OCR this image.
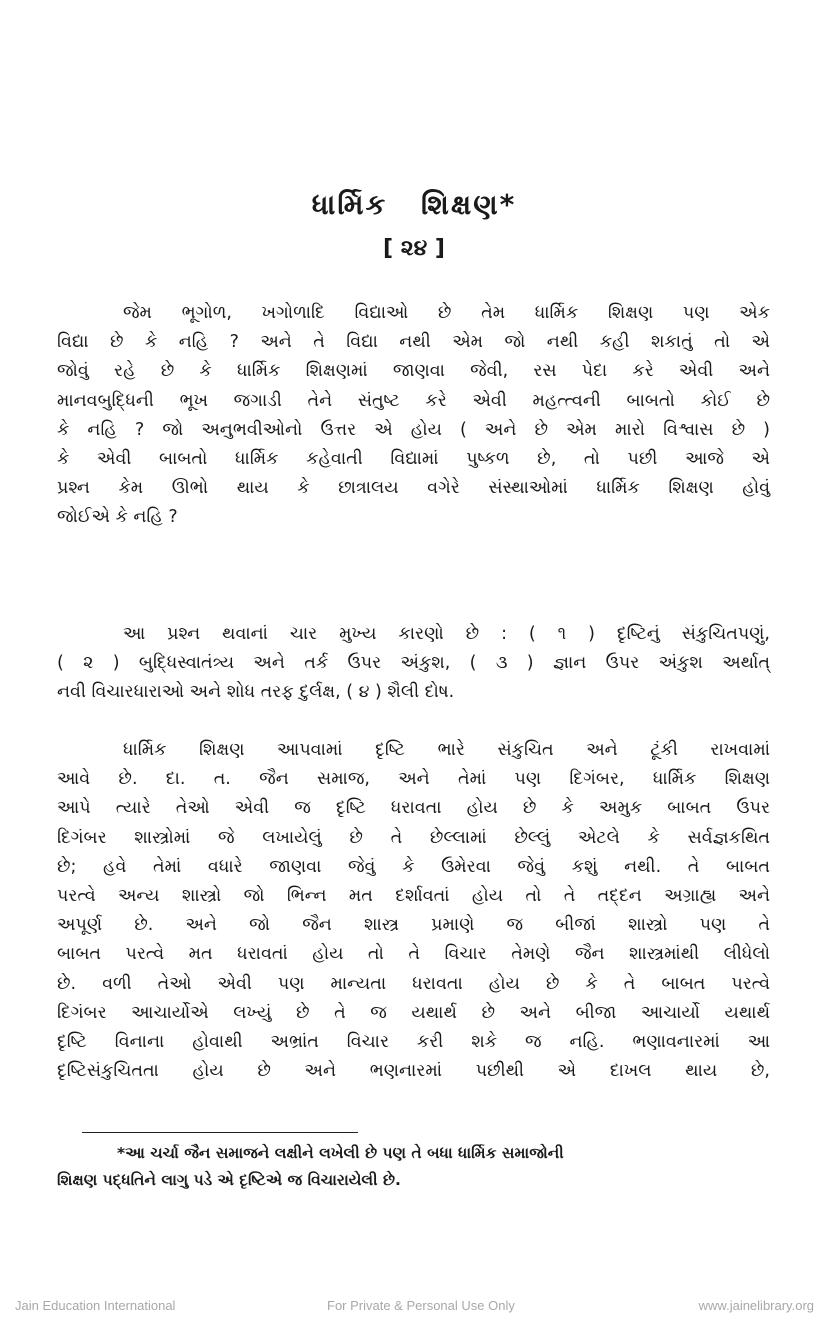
ધાર્મિક શિક્ષણ*
[ ૨૪ ]
જેમ ભૂગોળ, ખગોળાદિ વિદ્યાઓ છે તેમ ધાર્મિક શિક્ષણ પણ એક
વિદ્યા છે કે નહિ ? અને તે વિદ્યા નથી એમ જો નથી કહી શકાતું તો એ
જોવું રહે છે કે ધાર્મિક શિક્ષણમાં જાણવા જેવી, રસ પેદા કરે એવી અને
માનવબુદ્ધિની ભૂખ જગાડી તેને સંતુષ્ટ કરે એવી મહત્ત્વની બાબતો કોઈ છે
કે નહિ ? જો અનુભવીઓનો ઉત્તર એ હોય ( અને છે એમ મારો વિશ્વાસ છે )
કે એવી બાબતો ધાર્મિક કહેવાતી વિદ્યામાં પુષ્કળ છે, તો પછી આજે એ
પ્રશ્ન કેમ ઊભો થાય કે છાત્રાલય વગેરે સંસ્થાઓમાં ધાર્મિક શિક્ષણ હોવું
જોઈએ કે નહિ ?
આ પ્રશ્ન થવાનાં ચાર મુખ્ય કારણો છે : ( ૧ ) દૃષ્ટિનું સંકુચિતપણું,
( ૨ ) બુદ્ધિસ્વાતંત્ર્ય અને તર્ક ઉપર અંકુશ, ( ૩ ) જ્ઞાન ઉપર અંકુશ અર્થાત્
નવી વિચારધારાઓ અને શોધ તરફ દુર્લક્ષ, ( ૪ ) શૈલી દોષ.
ધાર્મિક શિક્ષણ આપવામાં દૃષ્ટિ ભારે સંકુચિત અને ટૂંકી રાખવામાં
આવે છે. દા. ત. જૈન સમાજ, અને તેમાં પણ દિગંબર, ધાર્મિક શિક્ષણ
આપે ત્યારે તેઓ એવી જ દૃષ્ટિ ધરાવતા હોય છે કે અમુક બાબત ઉપર
દિગંબર શાસ્ત્રોમાં જે લખાયેલું છે તે છેલ્લામાં છેલ્લું એટલે કે સર્વજ્ઞકથિત
છે; હવે તેમાં વધારે જાણવા જેવું કે ઉમેરવા જેવું કશું નથી. તે બાબત
પરત્વે અન્ય શાસ્ત્રો જો ભિન્ન મત દર્શાવતાં હોય તો તે તદ્દન અગ્રાહ્ય અને
અપૂર્ણ છે. અને જો જૈન શાસ્ત્ર પ્રમાણે જ બીજાં શાસ્ત્રો પણ તે
બાબત પરત્વે મત ધરાવતાં હોય તો તે વિચાર તેમણે જૈન શાસ્ત્રમાંથી લીધેલો
છે. વળી તેઓ એવી પણ માન્યતા ધરાવતા હોય છે કે તે બાબત પરત્વે
દિગંબર આચાર્યોએ લખ્યું છે તે જ યથાર્થ છે અને બીજા આચાર્યો યથાર્થ
દૃષ્ટિ વિનાના હોવાથી અભ્રાંત વિચાર કરી શકે જ નહિ. ભણાવનારમાં આ
દૃષ્ટિસંકુચિતતા હોય છે અને ભણનારમાં પછીથી એ દાખલ થાય છે,
*આ ચર્ચા જૈન સમાજને લક્ષીને લખેલી છે પણ તે બધા ધાર્મિક સમાજોની
શિક્ષણ પદ્ધતિને લાગુ પડે એ દૃષ્ટિએ જ વિચારાયેલી છે.
Jain Education International	For Private & Personal Use Only	www.jainelibrary.org
